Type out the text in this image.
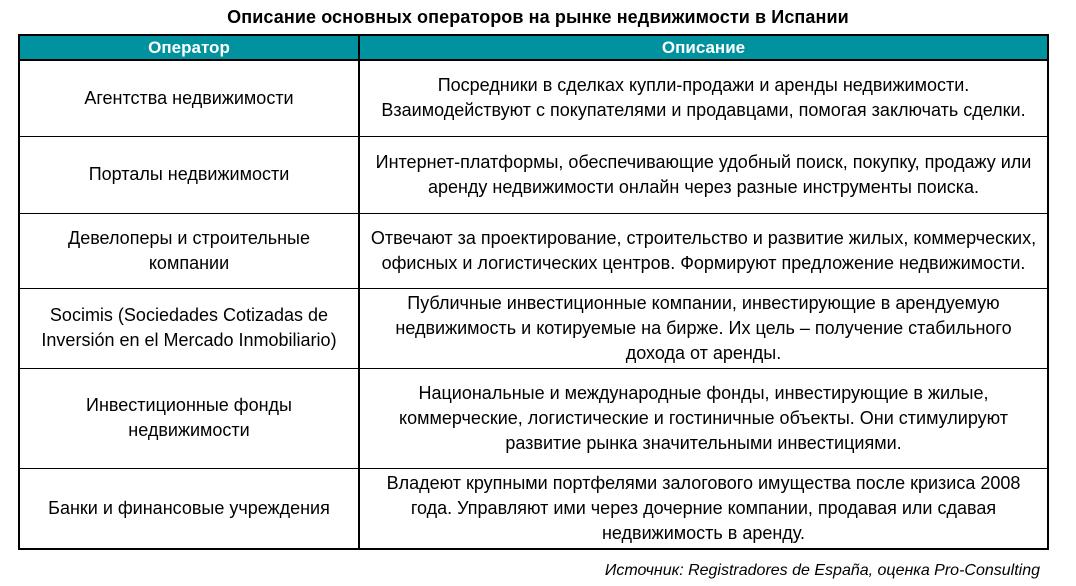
Описание основных операторов на рынке недвижимости в Испании
Оператор	Описание
Агентства недвижимости	Посредники в сделках купли-продажи и аренды недвижимости. Взаимодействуют с покупателями и продавцами, помогая заключать сделки.
Порталы недвижимости	Интернет-платформы, обеспечивающие удобный поиск, покупку, продажу или аренду недвижимости онлайн через разные инструменты поиска.
Девелоперы и строительные компании	Отвечают за проектирование, строительство и развитие жилых, коммерческих, офисных и логистических центров. Формируют предложение недвижимости.
Socimis (Sociedades Cotizadas de Inversión en el Mercado Inmobiliario)	Публичные инвестиционные компании, инвестирующие в арендуемую недвижимость и котируемые на бирже. Их цель – получение стабильного дохода от аренды.
Инвестиционные фонды недвижимости	Национальные и международные фонды, инвестирующие в жилые, коммерческие, логистические и гостиничные объекты. Они стимулируют развитие рынка значительными инвестициями.
Банки и финансовые учреждения	Владеют крупными портфелями залогового имущества после кризиса 2008 года. Управляют ими через дочерние компании, продавая или сдавая недвижимость в аренду.
Источник: Registradores de España, оценка Pro-Consulting
